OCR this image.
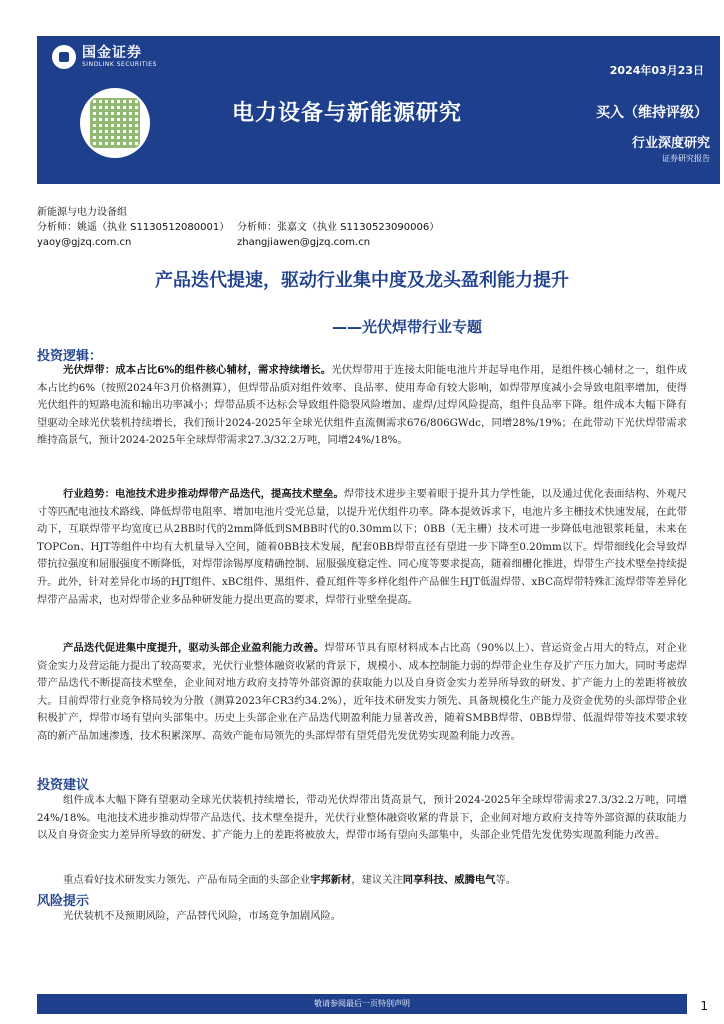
国金证券
SINOLINK SECURITIES	2024年03月23日
电力设备与新能源研究	买入（维持评级）
行业深度研究
证券研究报告
新能源与电力设备组
分析师：姚遥（执业 S1130512080001） 分析师：张嘉文（执业 S1130523090006）
yaoy@gjzq.com.cn	zhangjiawen@gjzq.com.cn
产品迭代提速，驱动行业集中度及龙头盈利能力提升
——光伏焊带行业专题
投资逻辑：
光伏焊带：成本占比6%的组件核心辅材，需求持续增长。光伏焊带用于连接太阳能电池片并起导电作用，是组件核心辅材之一，组件成本占比约6%（按照2024年3月价格测算），但焊带品质对组件效率、良品率、使用寿命有较大影响，如焊带厚度减小会导致电阻率增加，使得光伏组件的短路电流和输出功率减小；焊带品质不达标会导致组件隐裂风险增加、虚焊/过焊风险提高，组件良品率下降。组件成本大幅下降有望驱动全球光伏装机持续增长，我们预计2024-2025年全球光伏组件直流侧需求676/806GWdc，同增28%/19%；在此带动下光伏焊带需求维持高景气，预计2024-2025年全球焊带需求27.3/32.2万吨，同增24%/18%。
行业趋势：电池技术进步推动焊带产品迭代，提高技术壁垒。焊带技术进步主要着眼于提升其力学性能，以及通过优化表面结构、外观尺寸等匹配电池技术路线、降低焊带电阻率、增加电池片受光总量，以提升光伏组件功率。降本提效诉求下，电池片多主栅技术快速发展，在此带动下，互联焊带平均宽度已从2BB时代的2mm降低到SMBB时代的0.30mm以下；0BB（无主栅）技术可进一步降低电池银浆耗量，未来在TOPCon、HJT等组件中均有大机量导入空间，随着0BB技术发展，配套0BB焊带直径有望进一步下降至0.20mm以下。焊带细线化会导致焊带抗拉强度和屈服强度不断降低，对焊带涂锡厚度精确控制、屈服强度稳定性、同心度等要求提高，随着细栅化推进，焊带生产技术壁垒持续提升。此外，针对差异化市场的HJT组件、xBC组件、黑组件、叠瓦组件等多样化组件产品催生HJT低温焊带、xBC高焊带特殊汇流焊带等差异化焊带产品需求，也对焊带企业多品种研发能力提出更高的要求，焊带行业壁垒提高。
产品迭代促进集中度提升，驱动头部企业盈利能力改善。焊带环节具有原材料成本占比高（90%以上）、营运资金占用大的特点，对企业资金实力及营运能力提出了较高要求，光伏行业整体融资收紧的背景下，规模小、成本控制能力弱的焊带企业生存及扩产压力加大，同时考虑焊带产品迭代不断提高技术壁垒，企业间对地方政府支持等外部资源的获取能力以及自身资金实力差异所导致的研发、扩产能力上的差距将被放大。目前焊带行业竞争格局较为分散（测算2023年CR3约34.2%），近年技术研发实力领先、具备规模化生产能力及资金优势的头部焊带企业积极扩产，焊带市场有望向头部集中。历史上头部企业在产品迭代期盈利能力显著改善，随着SMBB焊带、0BB焊带、低温焊带等技术要求较高的新产品加速渗透，技术积累深厚、高效产能布局领先的头部焊带有望凭借先发优势实现盈利能力改善。
投资建议
组件成本大幅下降有望驱动全球光伏装机持续增长，带动光伏焊带出货高景气，预计2024-2025年全球焊带需求27.3/32.2万吨，同增24%/18%。电池技术进步推动焊带产品迭代、技术壁垒提升，光伏行业整体融资收紧的背景下，企业间对地方政府支持等外部资源的获取能力以及自身资金实力差异所导致的研发、扩产能力上的差距将被放大，焊带市场有望向头部集中，头部企业凭借先发优势实现盈利能力改善。
重点看好技术研发实力领先、产品布局全面的头部企业宇邦新材，建议关注同享科技、威腾电气等。
风险提示
光伏装机不及预期风险，产品替代风险，市场竞争加剧风险。
敬请参阅最后一页特别声明	1
